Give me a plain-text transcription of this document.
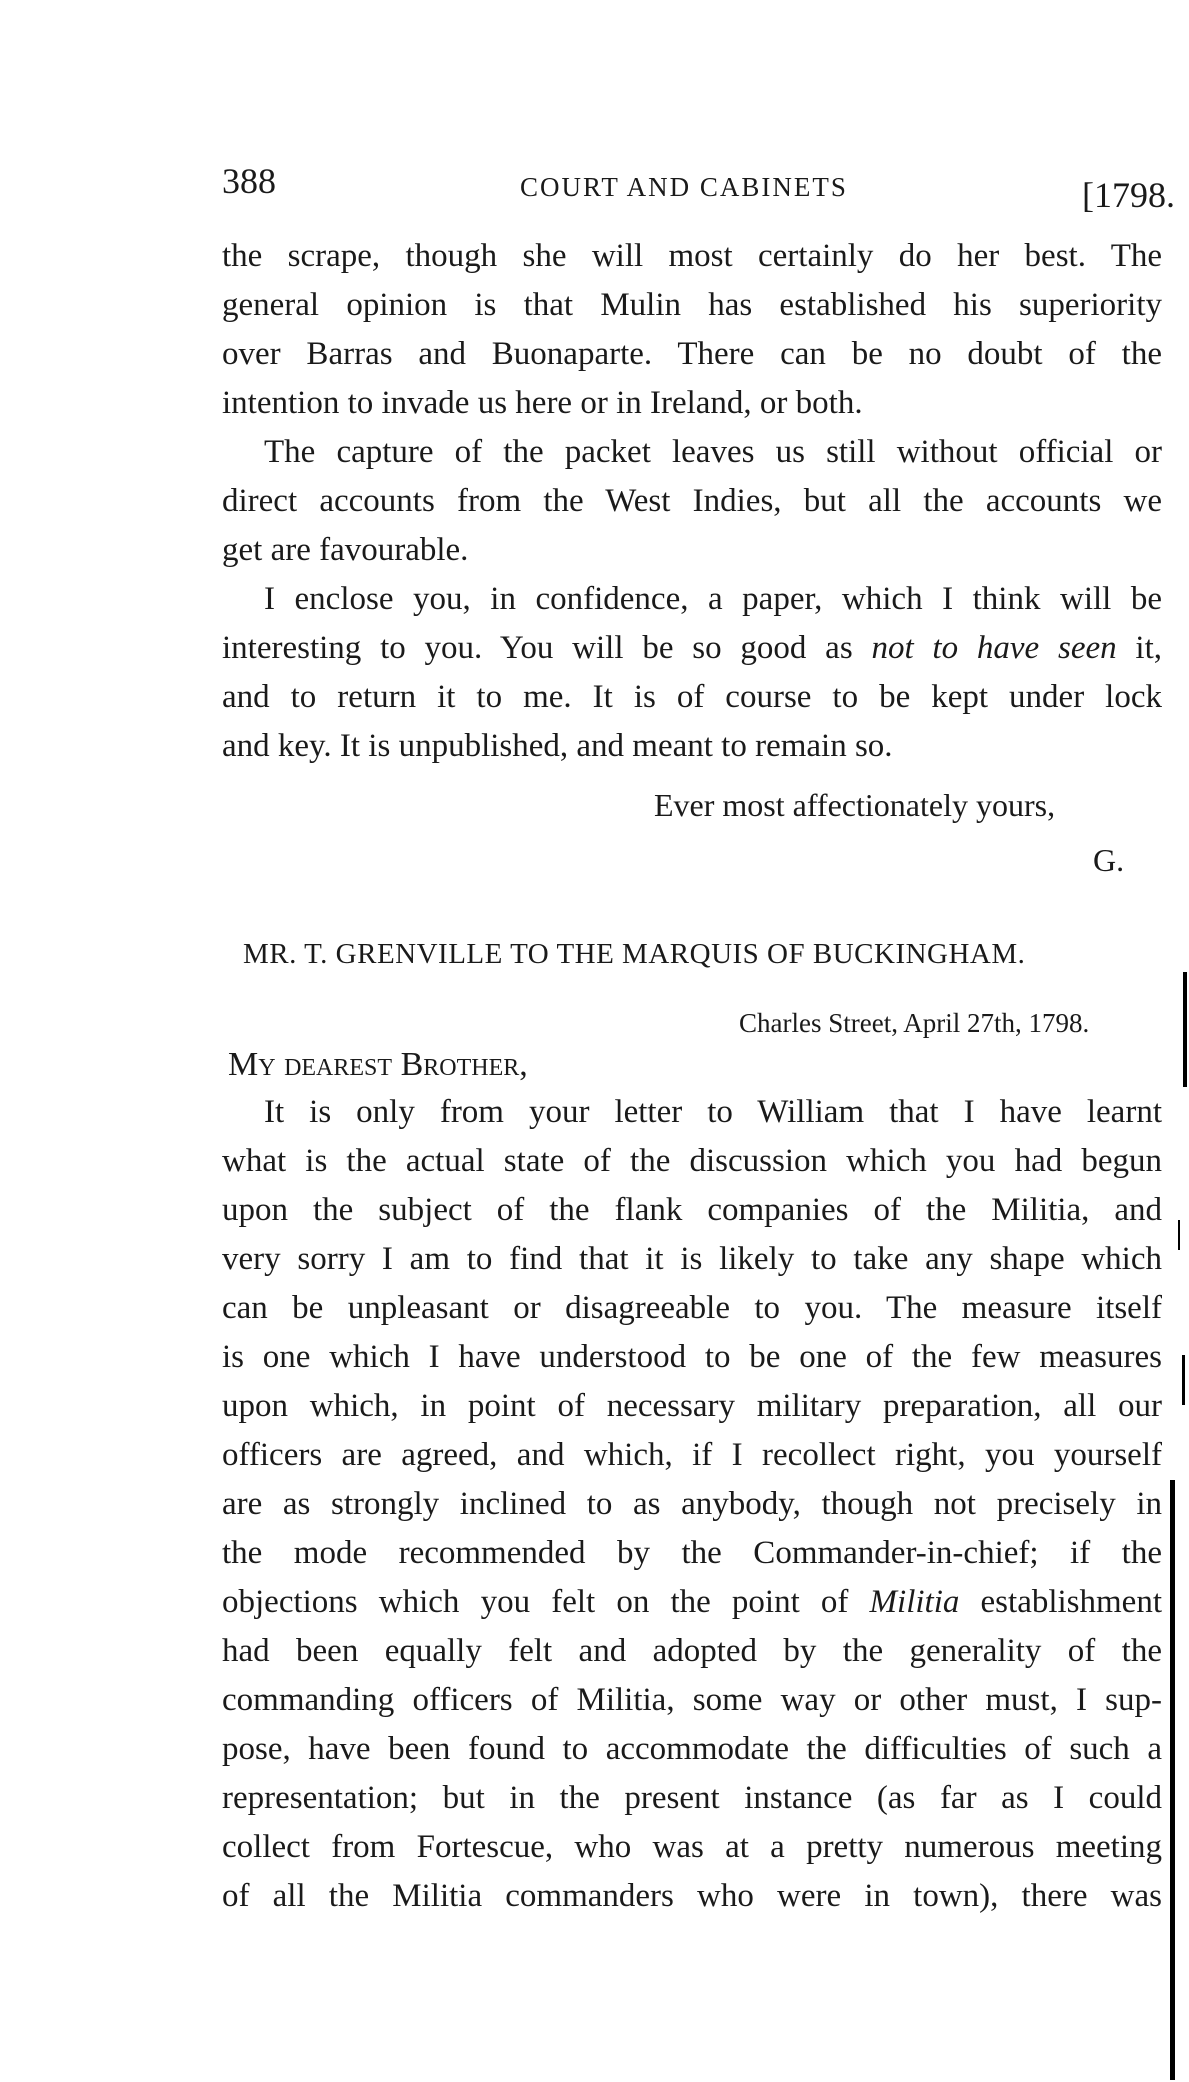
388	COURT AND CABINETS	[1798.
the scrape, though she will most certainly do her best. The
general opinion is that Mulin has established his superiority
over Barras and Buonaparte. There can be no doubt of the
intention to invade us here or in Ireland, or both.
The capture of the packet leaves us still without official or
direct accounts from the West Indies, but all the accounts we
get are favourable.
I enclose you, in confidence, a paper, which I think will be
interesting to you. You will be so good as not to have seen it,
and to return it to me. It is of course to be kept under lock
and key. It is unpublished, and meant to remain so.
Ever most affectionately yours,
G.
MR. T. GRENVILLE TO THE MARQUIS OF BUCKINGHAM.
Charles Street, April 27th, 1798.
My dearest Brother,
It is only from your letter to William that I have learnt
what is the actual state of the discussion which you had begun
upon the subject of the flank companies of the Militia, and
very sorry I am to find that it is likely to take any shape which
can be unpleasant or disagreeable to you. The measure itself
is one which I have understood to be one of the few measures
upon which, in point of necessary military preparation, all our
officers are agreed, and which, if I recollect right, you yourself
are as strongly inclined to as anybody, though not precisely in
the mode recommended by the Commander-in-chief; if the
objections which you felt on the point of Militia establishment
had been equally felt and adopted by the generality of the
commanding officers of Militia, some way or other must, I sup-
pose, have been found to accommodate the difficulties of such a
representation; but in the present instance (as far as I could
collect from Fortescue, who was at a pretty numerous meeting
of all the Militia commanders who were in town), there was
